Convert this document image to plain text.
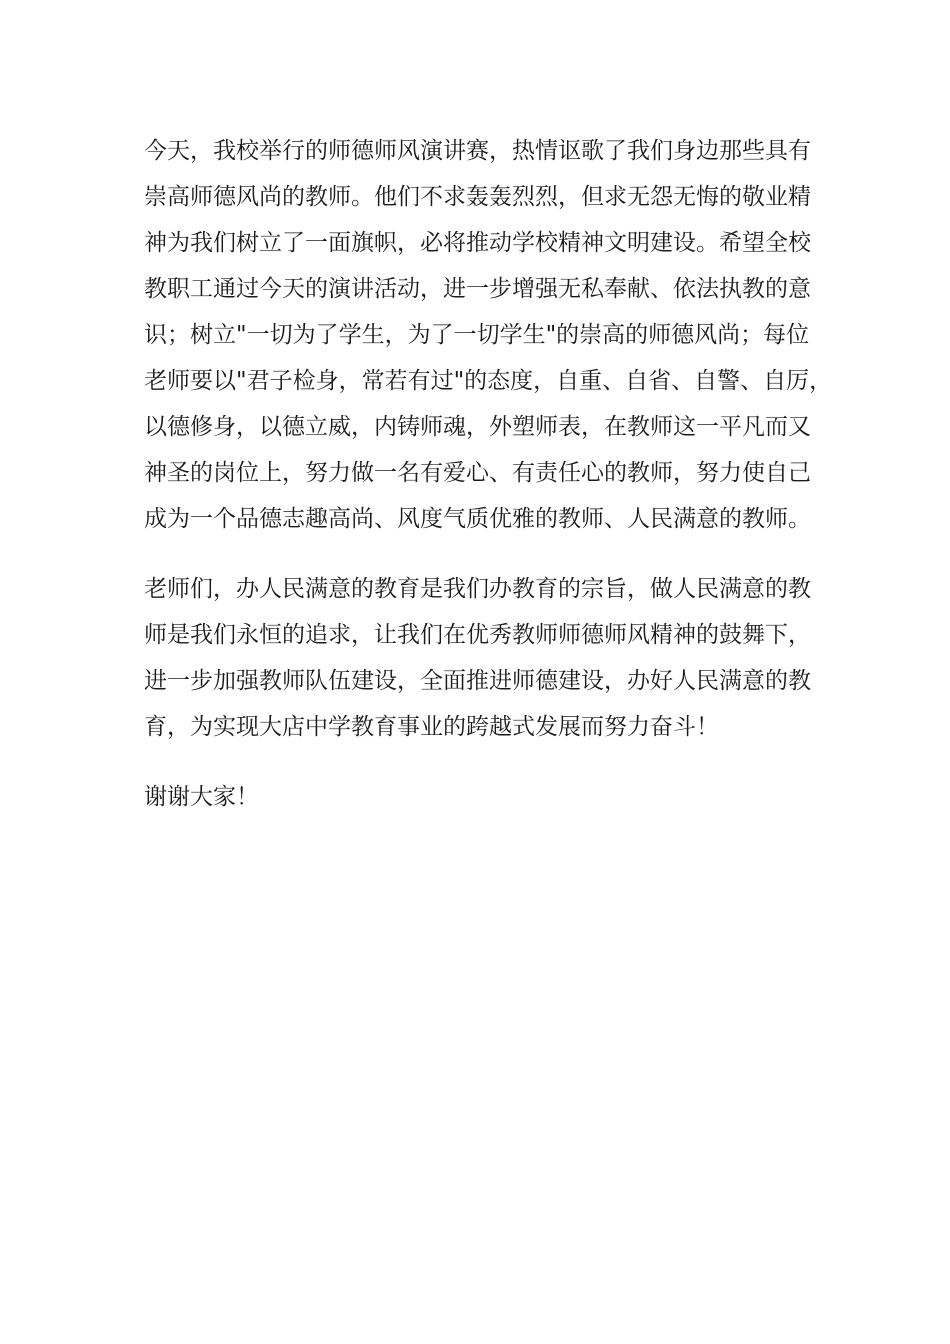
今天，我校举行的师德师风演讲赛，热情讴歌了我们身边那些具有
崇高师德风尚的教师。他们不求轰轰烈烈，但求无怨无悔的敬业精
神为我们树立了一面旗帜，必将推动学校精神文明建设。希望全校
教职工通过今天的演讲活动，进一步增强无私奉献、依法执教的意
识；树立"一切为了学生，为了一切学生"的崇高的师德风尚；每位
老师要以"君子检身，常若有过"的态度，自重、自省、自警、自厉，
以德修身，以德立威，内铸师魂，外塑师表，在教师这一平凡而又
神圣的岗位上，努力做一名有爱心、有责任心的教师，努力使自己
成为一个品德志趣高尚、风度气质优雅的教师、人民满意的教师。
老师们，办人民满意的教育是我们办教育的宗旨，做人民满意的教
师是我们永恒的追求，让我们在优秀教师师德师风精神的鼓舞下，
进一步加强教师队伍建设，全面推进师德建设，办好人民满意的教
育，为实现大店中学教育事业的跨越式发展而努力奋斗！
谢谢大家！
